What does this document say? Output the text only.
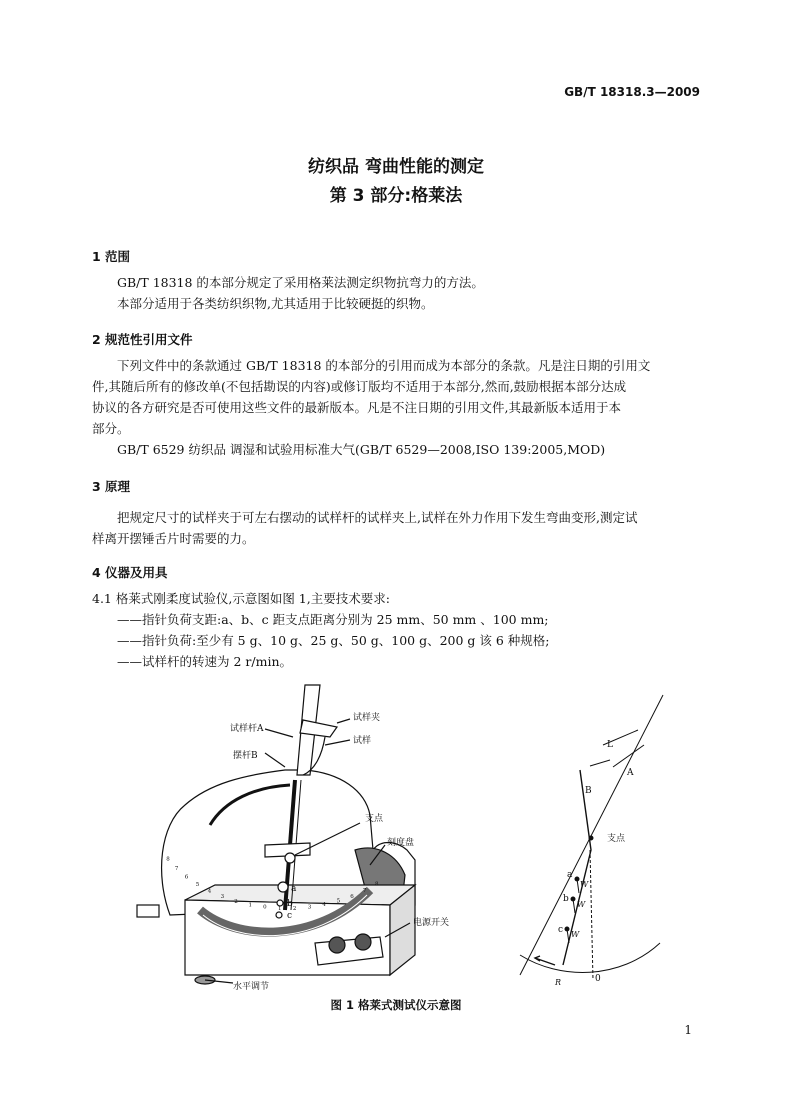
GB/T 18318.3—2009
纺织品 弯曲性能的测定
第 3 部分:格莱法
1 范围
GB/T 18318 的本部分规定了采用格莱法测定织物抗弯力的方法。
本部分适用于各类纺织织物,尤其适用于比较硬挺的织物。
2 规范性引用文件
下列文件中的条款通过 GB/T 18318 的本部分的引用而成为本部分的条款。凡是注日期的引用文
件,其随后所有的修改单(不包括勘误的内容)或修订版均不适用于本部分,然而,鼓励根据本部分达成
协议的各方研究是否可使用这些文件的最新版本。凡是不注日期的引用文件,其最新版本适用于本
部分。
GB/T 6529 纺织品 调湿和试验用标准大气(GB/T 6529—2008,ISO 139:2005,MOD)
3 原理
把规定尺寸的试样夹于可左右摆动的试样杆的试样夹上,试样在外力作用下发生弯曲变形,测定试
样离开摆锤舌片时需要的力。
4 仪器及用具
4.1 格莱式刚柔度试验仪,示意图如图 1,主要技术要求:
——指针负荷支距:a、b、c 距支点距离分别为 25 mm、50 mm 、100 mm;
——指针负荷:至少有 5 g、10 g、25 g、50 g、100 g、200 g 该 6 种规格;
——试样杆的转速为 2 r/min。
试样杆A
试样夹
试样
摆杆B
支点
刻度盘
电源开关
水平调节
a
b
c
8
7
6
5
4
3
2
1 0 1 2 3 4
5
6
7
8
L
A
B
支点
a
b
c
W
W
W
R	0
图 1 格莱式测试仪示意图
1
